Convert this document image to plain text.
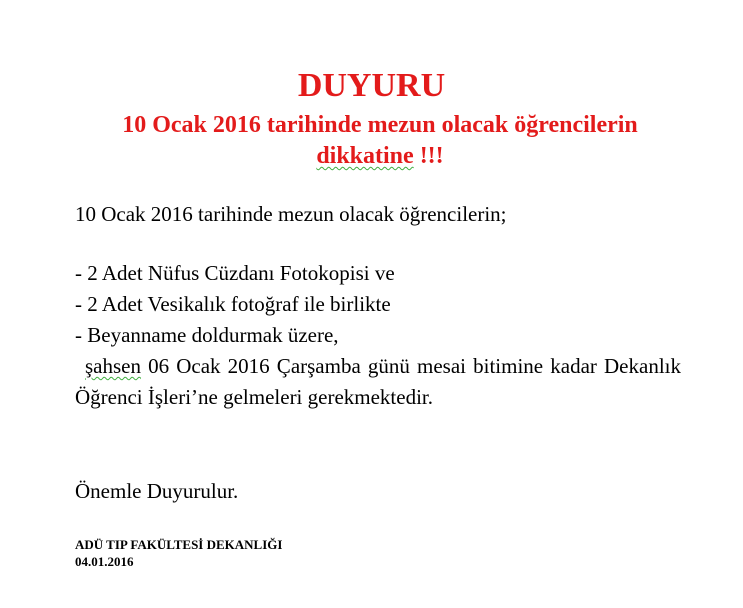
DUYURU
10 Ocak 2016 tarihinde mezun olacak öğrencilerin
dikkatine !!!

10 Ocak 2016 tarihinde mezun olacak öğrencilerin;

- 2 Adet Nüfus Cüzdanı Fotokopisi ve
- 2 Adet Vesikalık fotoğraf ile birlikte
- Beyanname doldurmak üzere,

şahsen 06 Ocak 2016 Çarşamba günü mesai bitimine kadar Dekanlık Öğrenci İşleri’ne gelmeleri gerekmektedir.

Önemle Duyurulur.

ADÜ TIP FAKÜLTESİ DEKANLIĞI
04.01.2016
